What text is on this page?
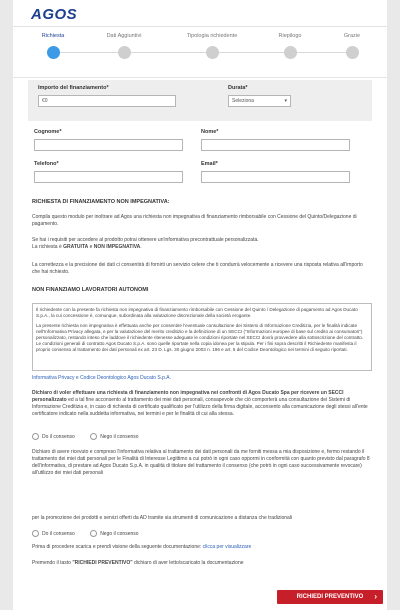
AGOS
Richiesta	Dati Aggiuntivi	Tipologia richiedente	Riepilogo	Grazie
Importo del finanziamento*
€0
Durata*
Seleziona	▾
Cognome*	Nome*
Telefono*	Email*
RICHIESTA DI FINANZIAMENTO NON IMPEGNATIVA:

Compila questo modulo per inoltrare ad Agos una richiesta non impegnativa di finanziamento rimborsabile con Cessione del Quinto/Delegazione di pagamento.

Se hai i requisiti per accedere al prodotto potrai ottenere un'informativa precontrattuale personalizzata.
La richiesta è GRATUITA e NON IMPEGNATIVA.

La correttezza e la precisione dei dati ci consentirà di fornirti un servizio celere che ti condurrà velocemente a ricevere una risposta relativa all'importo che hai richiesto.

NON FINANZIAMO LAVORATORI AUTONOMI

Il richiedente con la presente fa richiesta non impegnativa di finanziamento rimborsabile con Cessione del Quinto / Delegazione di pagamento ad Agos Ducato S.p.A., la cui concessione è, comunque, subordinata alla valutazione discrezionale della società erogante.

La presente richiesta non impegnativa è effettuata anche per consentire l'eventuale consultazione dei Sistemi di Informazione Creditizia, per le finalità indicate nell'Informativa Privacy allegata, e per la valutazione del merito creditizio e la definizione di un SECCI ("Informazioni europee di base sul credito ai consumatori") personalizzato, restando inteso che laddove il richiedente ritenesse adeguate le condizioni riportate nel SECCI dovrà provvedere alla sottoscrizione del contratto. Le condizioni generali di contratto Agos Ducato S.p.A. sono quelle riportate nella copia idonea per la stipula. Per i fini sopra descritti il Richiedente manifesta il proprio consenso al trattamento dei dati personali ex art. 23 D. Lgs. 30 giugno 2003 n. 196 e art. 5 del Codice Deontologico nei termini di seguito riportati.

Informativa Privacy e Codice Deontologico Agos Ducato S.p.A.

Dichiaro di voler effettuare una richiesta di finanziamento non impegnativa nei confronti di Agos Ducato Spa per ricevere un SECCI personalizzato ed a tal fine acconsento al trattamento dei miei dati personali, consapevole che ciò comporterà una consultazione dei Sistemi di Informazione Creditizia e, in caso di richiesta di certificato qualificato per l'utilizzo della firma digitale, acconsento alla comunicazione degli stessi all'ente certificatore indicato nella suddetta informativa, nei termini e per le finalità di cui alla stessa.

Do il consenso	Nego il consenso

Dichiaro di avere ricevuto e compreso l'informativa relativa al trattamento dei dati personali da me forniti messa a mia disposizione e, fermo restando il trattamento dei miei dati personali per le Finalità di Interesse Legittimo a cui potrò in ogni caso oppormi in conformità con quanto previsto dal paragrafo 8 dell'informativa, di prestare ad Agos Ducato S.p.A. in qualità di titolare del trattamento il consenso (che potrò in ogni caso successivamente revocare) all'utilizzo dei miei dati personali

per la promozione dei prodotti e servizi offerti da AD tramite sia strumenti di comunicazione a distanza che tradizionali

Do il consenso	Nego il consenso

Prima di procedere scarica e prendi visione della seguente documentazione: clicca per visualizzare

Premendo il tasto "RICHIEDI PREVENTIVO" dichiaro di aver letto/scaricato la documentazione

RICHIEDI PREVENTIVO ›
